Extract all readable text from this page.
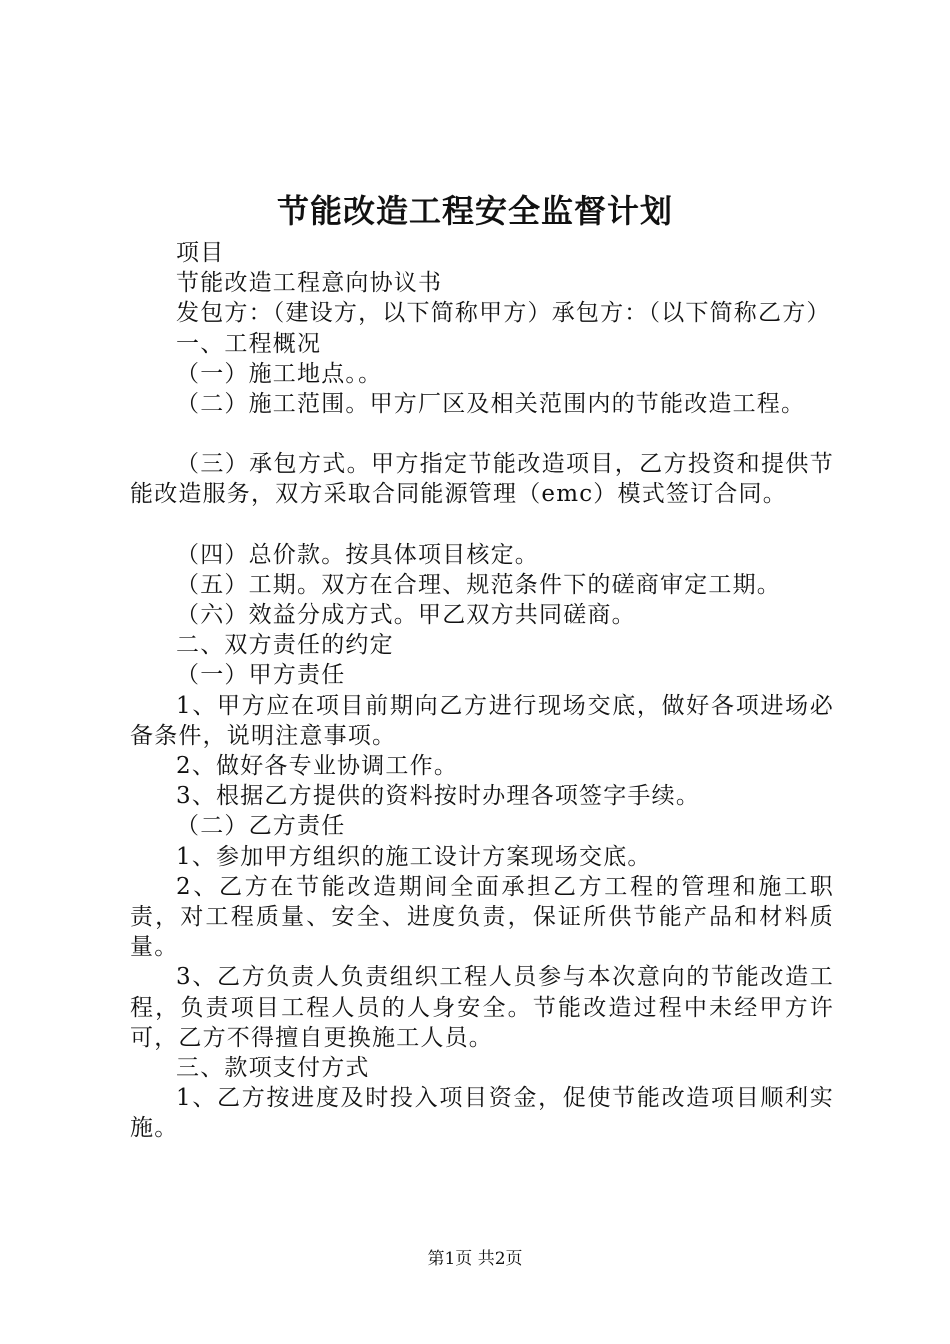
节能改造工程安全监督计划

项目

节能改造工程意向协议书

发包方：（建设方，以下简称甲方）承包方：（以下简称乙方）

一、工程概况

（一）施工地点。。

（二）施工范围。甲方厂区及相关范围内的节能改造工程。

（三）承包方式。甲方指定节能改造项目，乙方投资和提供节能改造服务，双方采取合同能源管理（emc）模式签订合同。

（四）总价款。按具体项目核定。

（五）工期。双方在合理、规范条件下的磋商审定工期。

（六）效益分成方式。甲乙双方共同磋商。

二、双方责任的约定

（一）甲方责任

1、甲方应在项目前期向乙方进行现场交底，做好各项进场必备条件，说明注意事项。

2、做好各专业协调工作。

3、根据乙方提供的资料按时办理各项签字手续。

（二）乙方责任

1、参加甲方组织的施工设计方案现场交底。

2、乙方在节能改造期间全面承担乙方工程的管理和施工职责，对工程质量、安全、进度负责，保证所供节能产品和材料质量。

3、乙方负责人负责组织工程人员参与本次意向的节能改造工程，负责项目工程人员的人身安全。节能改造过程中未经甲方许可，乙方不得擅自更换施工人员。

三、款项支付方式

1、乙方按进度及时投入项目资金，促使节能改造项目顺利实施。

第1页 共2页
